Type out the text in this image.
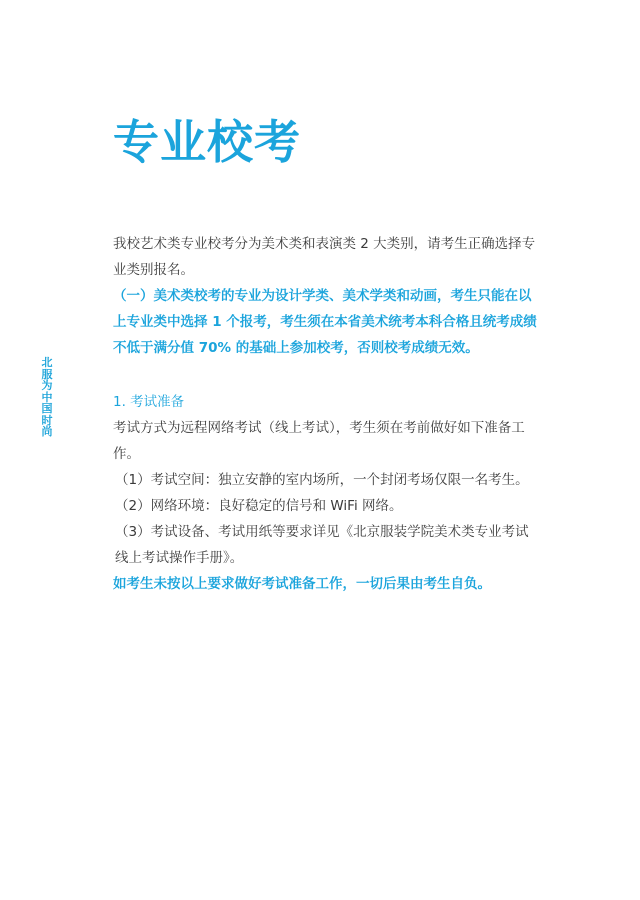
北服为中国时尚
专业校考

我校艺术类专业校考分为美术类和表演类 2 大类别，请考生正确选择专业类别报名。

（一）美术类校考的专业为设计学类、美术学类和动画，考生只能在以上专业类中选择 1 个报考，考生须在本省美术统考本科合格且统考成绩不低于满分值 70% 的基础上参加校考，否则校考成绩无效。

1. 考试准备

考试方式为远程网络考试（线上考试），考生须在考前做好如下准备工作。

（1）考试空间：独立安静的室内场所，一个封闭考场仅限一名考生。

（2）网络环境：良好稳定的信号和 WiFi 网络。

（3）考试设备、考试用纸等要求详见《北京服装学院美术类专业考试线上考试操作手册》。

如考生未按以上要求做好考试准备工作，一切后果由考生自负。
